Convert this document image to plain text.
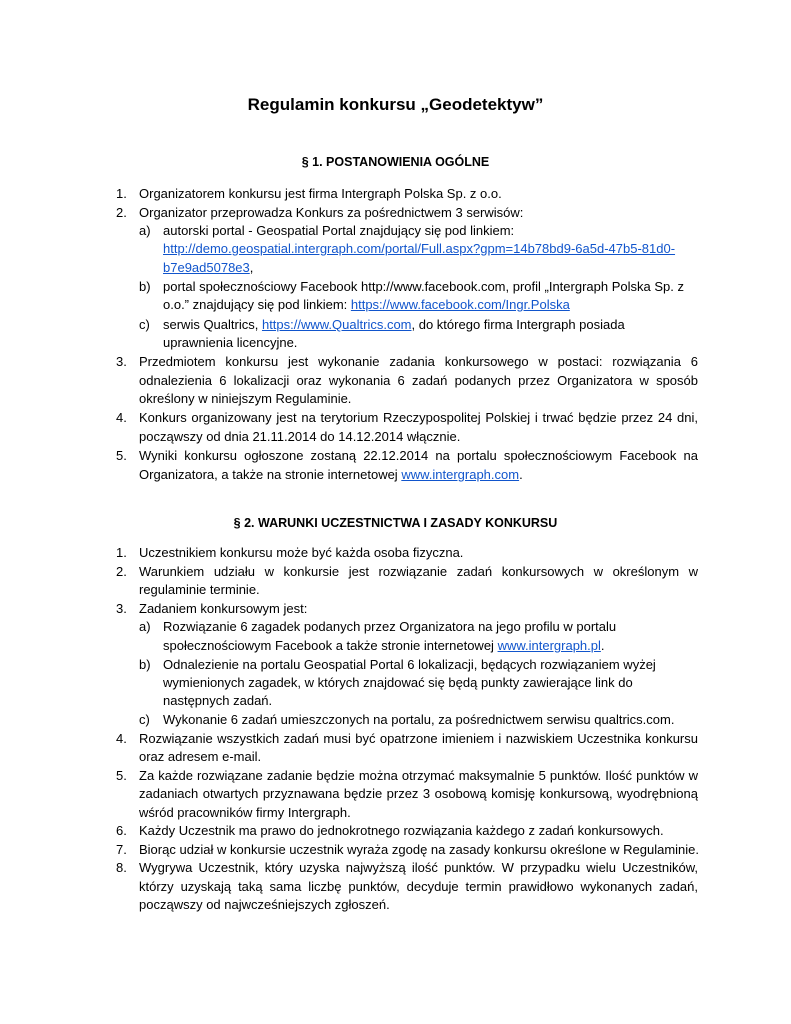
Regulamin konkursu „Geodetektyw”
§ 1. POSTANOWIENIA OGÓLNE
1. Organizatorem konkursu jest firma Intergraph Polska Sp. z o.o.
2. Organizator przeprowadza Konkurs za pośrednictwem 3 serwisów:
a) autorski portal - Geospatial Portal znajdujący się pod linkiem:
http://demo.geospatial.intergraph.com/portal/Full.aspx?gpm=14b78bd9-6a5d-47b5-81d0-
b7e9ad5078e3,
b) portal społecznościowy Facebook http://www.facebook.com, profil „Intergraph Polska Sp. z
o.o.” znajdujący się pod linkiem: https://www.facebook.com/Ingr.Polska
c) serwis Qualtrics, https://www.Qualtrics.com, do którego firma Intergraph posiada
uprawnienia licencyjne.
3. Przedmiotem konkursu jest wykonanie zadania konkursowego w postaci: rozwiązania 6
odnalezienia 6 lokalizacji oraz wykonania 6 zadań podanych przez Organizatora w sposób
określony w niniejszym Regulaminie.
4. Konkurs organizowany jest na terytorium Rzeczypospolitej Polskiej i trwać będzie przez 24 dni,
począwszy od dnia 21.11.2014 do 14.12.2014 włącznie.
5. Wyniki konkursu ogłoszone zostaną 22.12.2014 na portalu społecznościowym Facebook na
Organizatora, a także na stronie internetowej www.intergraph.com.
§ 2. WARUNKI UCZESTNICTWA I ZASADY KONKURSU
1. Uczestnikiem konkursu może być każda osoba fizyczna.
2. Warunkiem udziału w konkursie jest rozwiązanie zadań konkursowych w określonym w
regulaminie terminie.
3. Zadaniem konkursowym jest:
a) Rozwiązanie 6 zagadek podanych przez Organizatora na jego profilu w portalu
społecznościowym Facebook a także stronie internetowej www.intergraph.pl.
b) Odnalezienie na portalu Geospatial Portal 6 lokalizacji, będących rozwiązaniem wyżej
wymienionych zagadek, w których znajdować się będą punkty zawierające link do
następnych zadań.
c) Wykonanie 6 zadań umieszczonych na portalu, za pośrednictwem serwisu qualtrics.com.
4. Rozwiązanie wszystkich zadań musi być opatrzone imieniem i nazwiskiem Uczestnika konkursu
oraz adresem e-mail.
5. Za każde rozwiązane zadanie będzie można otrzymać maksymalnie 5 punktów. Ilość punktów w
zadaniach otwartych przyznawana będzie przez 3 osobową komisję konkursową, wyodrębnioną
wśród pracowników firmy Intergraph.
6. Każdy Uczestnik ma prawo do jednokrotnego rozwiązania każdego z zadań konkursowych.
7. Biorąc udział w konkursie uczestnik wyraża zgodę na zasady konkursu określone w Regulaminie.
8. Wygrywa Uczestnik, który uzyska najwyższą ilość punktów. W przypadku wielu Uczestników,
którzy uzyskają taką sama liczbę punktów, decyduje termin prawidłowo wykonanych zadań,
począwszy od najwcześniejszych zgłoszeń.
